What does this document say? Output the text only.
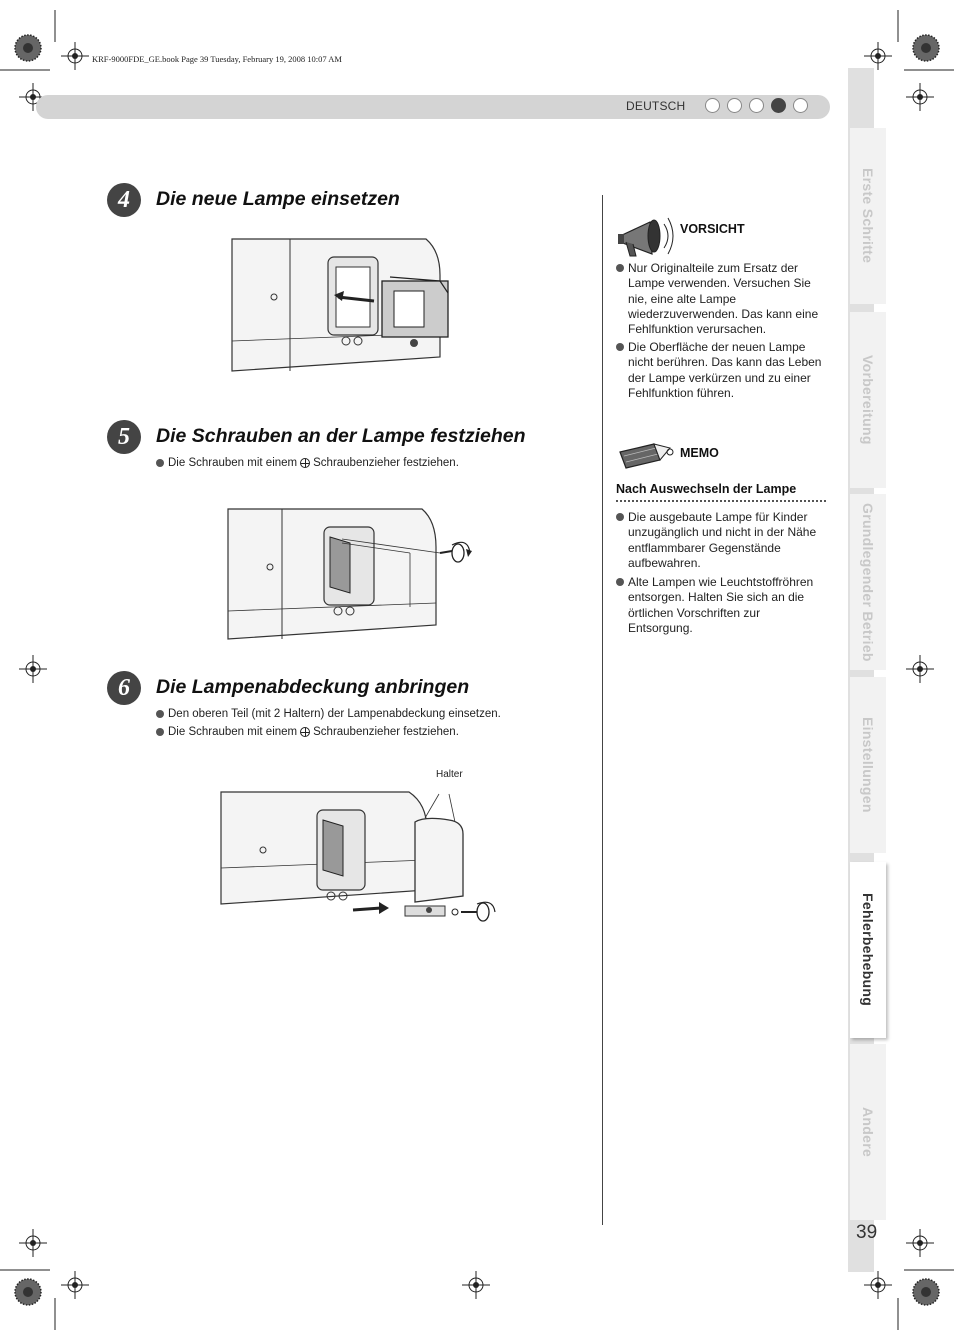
KRF-9000FDE_GE.book Page 39 Tuesday, February 19, 2008 10:07 AM
DEUTSCH
Erste Schritte
Vorbereitung
Grundlegender Betrieb
Einstellungen
Fehlerbehebung
Andere
39
4	Die neue Lampe einsetzen
5	Die Schrauben an der Lampe festziehen
Die Schrauben mit einem Schraubenzieher festziehen.
6	Die Lampenabdeckung anbringen
Den oberen Teil (mit 2 Haltern) der Lampenabdeckung einsetzen.
Die Schrauben mit einem Schraubenzieher festziehen.
Halter
VORSICHT
Nur Originalteile zum Ersatz der Lampe verwenden. Versuchen Sie nie, eine alte Lampe wiederzuverwenden. Das kann eine Fehlfunktion verursachen.
Die Oberfläche der neuen Lampe nicht berühren. Das kann das Leben der Lampe verkürzen und zu einer Fehlfunktion führen.
MEMO
Nach Auswechseln der Lampe
Die ausgebaute Lampe für Kinder unzugänglich und nicht in der Nähe entflammbarer Gegenstände aufbewahren.
Alte Lampen wie Leuchtstoffröhren entsorgen. Halten Sie sich an die örtlichen Vorschriften zur Entsorgung.
